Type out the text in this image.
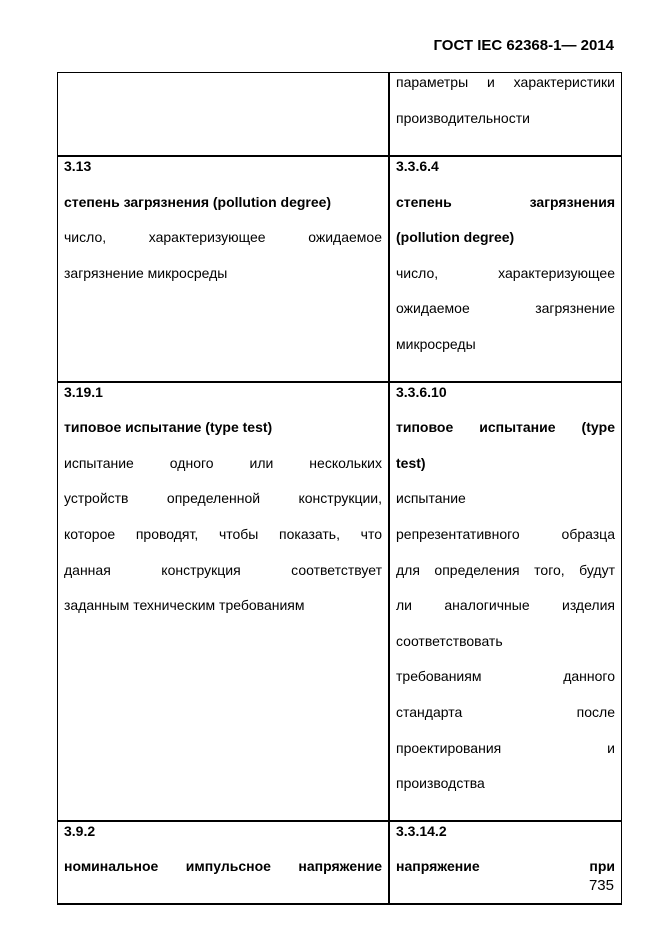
ГОСТ IEC 62368-1— 2014
параметры и характеристики
производительности
3.13
степень загрязнения (pollution degree)
число, характеризующее ожидаемое
загрязнение микросреды
3.3.6.4
степень загрязнения
(pollution degree)
число, характеризующее
ожидаемое загрязнение
микросреды
3.19.1
типовое испытание (type test)
испытание одного или нескольких
устройств определенной конструкции,
которое проводят, чтобы показать, что
данная конструкция соответствует
заданным техническим требованиям
3.3.6.10
типовое испытание (type
test)
испытание
репрезентативного образца
для определения того, будут
ли аналогичные изделия
соответствовать
требованиям данного
стандарта после
проектирования и
производства
3.9.2
номинальное импульсное напряжение
3.3.14.2
напряжение при
735
